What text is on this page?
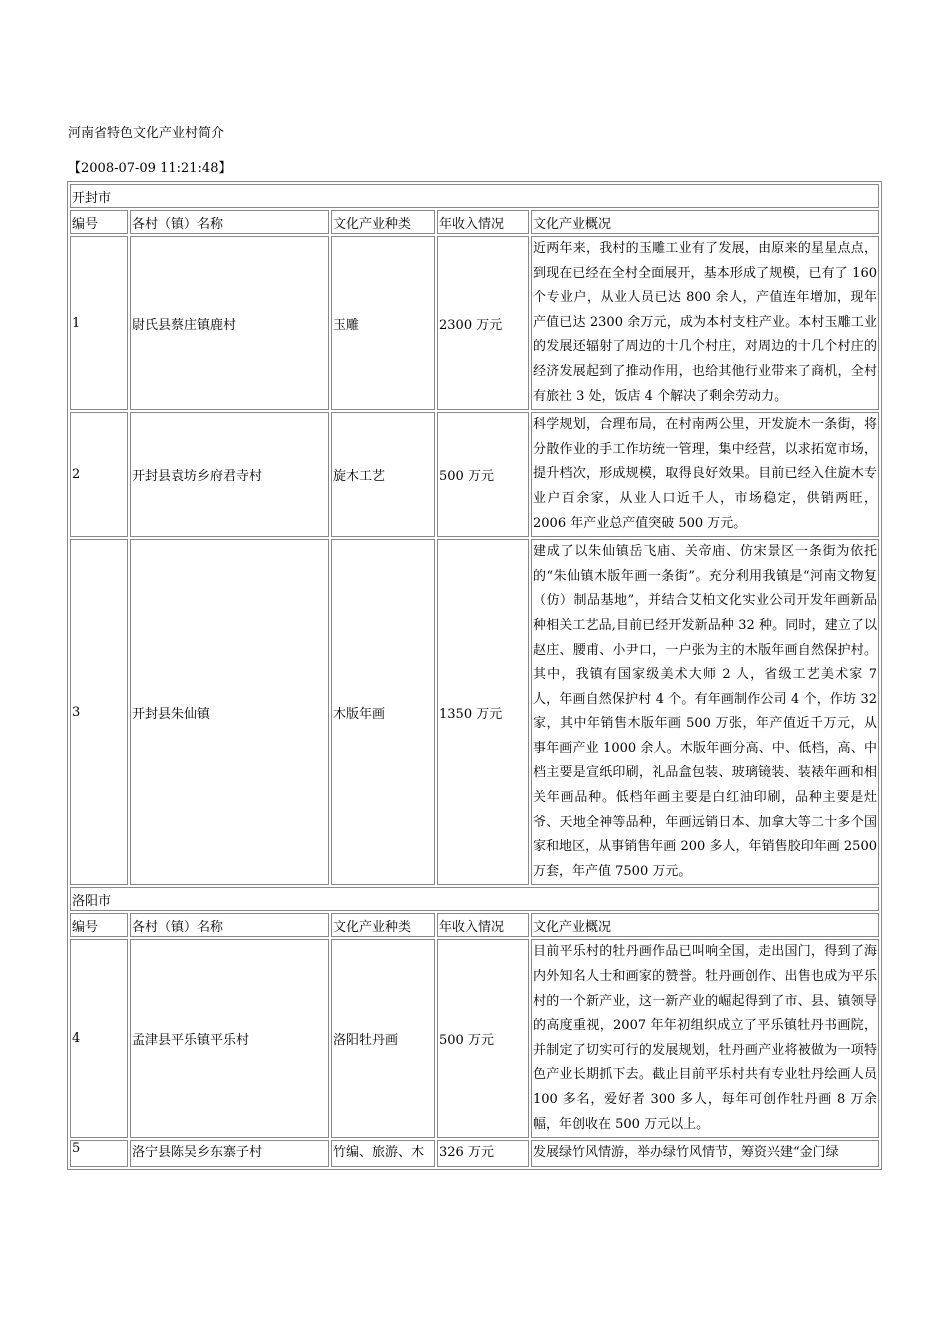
河南省特色文化产业村简介
【2008-07-09 11:21:48】
开封市				
编号	各村（镇）名称	文化产业种类	年收入情况	文化产业概况
1	尉氏县蔡庄镇鹿村	玉雕	2300 万元	近两年来，我村的玉雕工业有了发展，由原来的星星点点，到现在已经在全村全面展开，基本形成了规模，已有了 160 个专业户，从业人员已达 800 余人，产值连年增加，现年产值已达 2300 余万元，成为本村支柱产业。本村玉雕工业的发展还辐射了周边的十几个村庄，对周边的十几个村庄的经济发展起到了推动作用，也给其他行业带来了商机，全村有旅社 3 处，饭店 4 个解决了剩余劳动力。
2	开封县袁坊乡府君寺村	旋木工艺	500 万元	科学规划，合理布局，在村南两公里，开发旋木一条街，将分散作业的手工作坊统一管理，集中经营，以求拓宽市场，提升档次，形成规模，取得良好效果。目前已经入住旋木专业户百余家，从业人口近千人，市场稳定，供销两旺，2006 年产业总产值突破 500 万元。
3	开封县朱仙镇	木版年画	1350 万元	建成了以朱仙镇岳飞庙、关帝庙、仿宋景区一条街为依托的“朱仙镇木版年画一条街”。充分利用我镇是“河南文物复（仿）制品基地”，并结合艾柏文化实业公司开发年画新品种相关工艺品,目前已经开发新品种 32 种。同时，建立了以赵庄、腰甫、小尹口，一户张为主的木版年画自然保护村。其中，我镇有国家级美术大师 2 人，省级工艺美术家 7 人，年画自然保护村 4 个。有年画制作公司 4 个，作坊 32 家，其中年销售木版年画 500 万张，年产值近千万元，从事年画产业 1000 余人。木版年画分高、中、低档，高、中档主要是宣纸印刷，礼品盒包装、玻璃镜装、装裱年画和相关年画品种。低档年画主要是白红油印刷，品种主要是灶爷、天地全神等品种，年画远销日本、加拿大等二十多个国家和地区，从事销售年画 200 多人，年销售胶印年画 2500 万套，年产值 7500 万元。
洛阳市				
编号	各村（镇）名称	文化产业种类	年收入情况	文化产业概况
4	孟津县平乐镇平乐村	洛阳牡丹画	500 万元	目前平乐村的牡丹画作品已叫响全国，走出国门，得到了海内外知名人士和画家的赞誉。牡丹画创作、出售也成为平乐村的一个新产业，这一新产业的崛起得到了市、县、镇领导的高度重视，2007 年年初组织成立了平乐镇牡丹书画院，并制定了切实可行的发展规划，牡丹画产业将被做为一项特色产业长期抓下去。截止目前平乐村共有专业牡丹绘画人员 100 多名，爱好者 300 多人，每年可创作牡丹画 8 万余幅，年创收在 500 万元以上。
5	洛宁县陈吴乡东寨子村	竹编、旅游、木	326 万元	发展绿竹风情游，举办绿竹风情节，筹资兴建“金门绿
